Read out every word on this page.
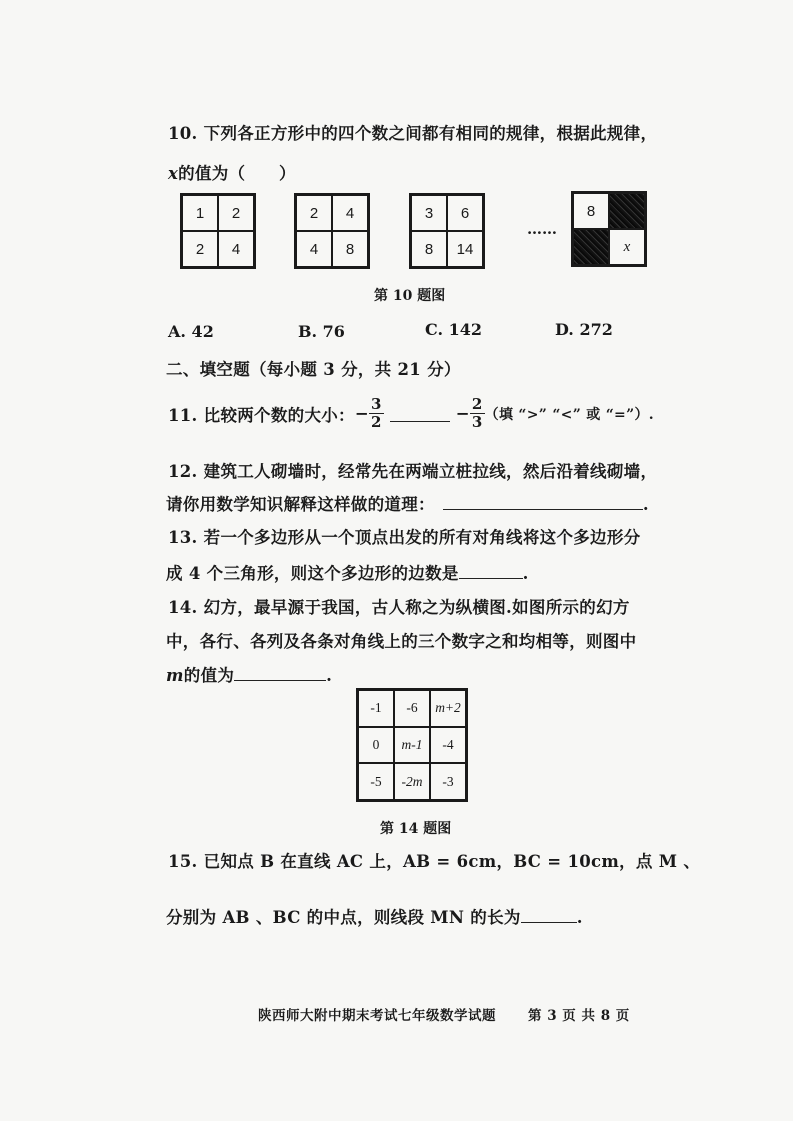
10. 下列各正方形中的四个数之间都有相同的规律，根据此规律，
x的值为（　　）
1	2
2	4
2	4
4	8
3	6
8	14
……
8
x
第 10 题图
A. 42	B. 76	C. 142	D. 272
二、填空题（每小题 3 分，共 21 分）
11. 比较两个数的大小： − $\frac{3}{2}$	− $\frac{2}{3}$ （填 “>” “<” 或 “=”）.
12. 建筑工人砌墙时，经常先在两端立桩拉线，然后沿着线砌墙，
请你用数学知识解释这样做的道理：	.
13. 若一个多边形从一个顶点出发的所有对角线将这个多边形分
成 4 个三角形，则这个多边形的边数是	.
14. 幻方，最早源于我国，古人称之为纵横图.如图所示的幻方
中，各行、各列及各条对角线上的三个数字之和均相等，则图中
m的值为	.
-1	-6	m+2
0	m-1	-4
-5	-2m	-3
第 14 题图
15. 已知点 B 在直线 AC 上，AB = 6cm，BC = 10cm，点 M 、
分别为 AB 、BC 的中点，则线段 MN 的长为	.
陕西师大附中期末考试七年级数学试题 第 3 页 共 8 页
